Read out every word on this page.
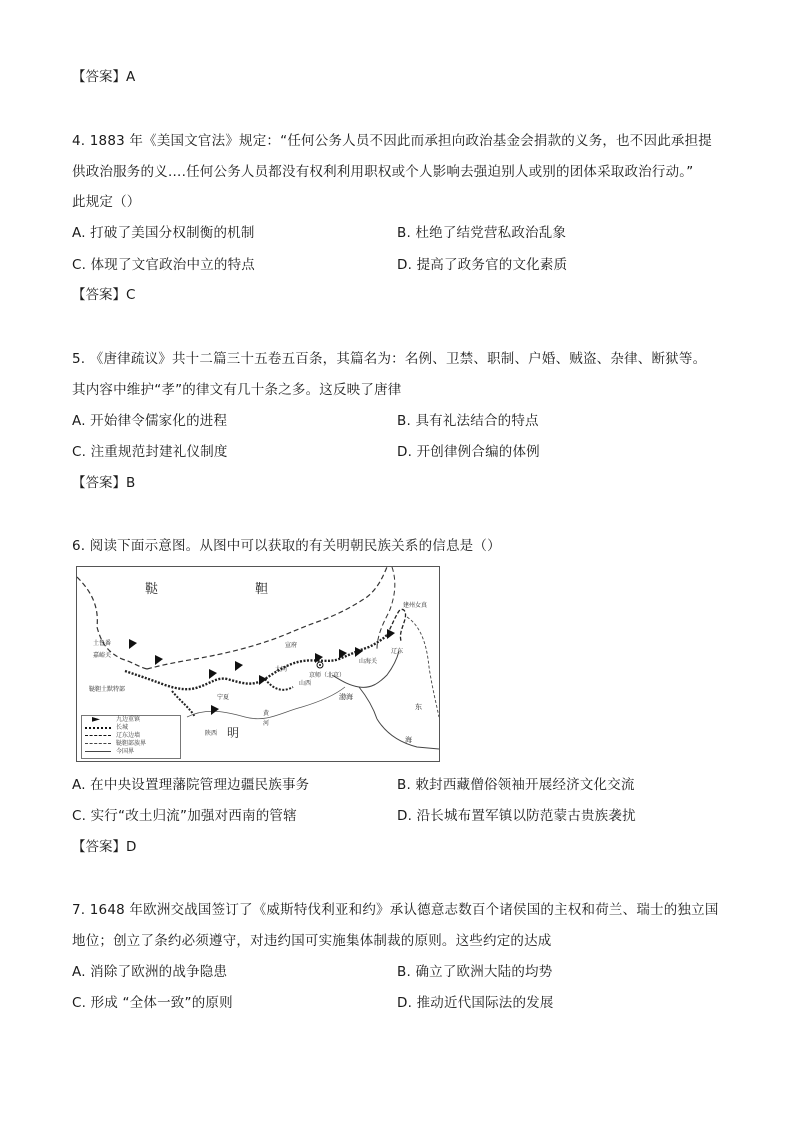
【答案】A
4. 1883 年《美国文官法》规定：“任何公务人员不因此而承担向政治基金会捐款的义务，也不因此承担提
供政治服务的义….任何公务人员都没有权利利用职权或个人影响去强迫别人或别的团体采取政治行动。”
此规定（）
A. 打破了美国分权制衡的机制	B. 杜绝了结党营私政治乱象
C. 体现了文官政治中立的特点	D. 提高了政务官的文化素质
【答案】C
5. 《唐律疏议》共十二篇三十五卷五百条，其篇名为：名例、卫禁、职制、户婚、贼盗、杂律、断狱等。
其内容中维护“孝”的律文有几十条之多。这反映了唐律
A. 开始律令儒家化的进程	B. 具有礼法结合的特点
C. 注重规范封建礼仪制度	D. 开创律例合编的体例
【答案】B
6. 阅读下面示意图。从图中可以获取的有关明朝民族关系的信息是（）
鞑	靼
土鲁番
嘉峪关
鞑靼土默特部
宁夏
山西
陕西
京师（北京）
渤海
辽东
建州女真
明
黄
河
东
海
大同
宣府
山海关
九边重镇
长城
辽东边墙
鞑靼部族界
今国界
A. 在中央设置理藩院管理边疆民族事务	B. 敕封西藏僧俗领袖开展经济文化交流
C. 实行“改土归流”加强对西南的管辖	D. 沿长城布置军镇以防范蒙古贵族袭扰
【答案】D
7. 1648 年欧洲交战国签订了《威斯特伐利亚和约》承认德意志数百个诸侯国的主权和荷兰、瑞士的独立国
地位；创立了条约必须遵守，对违约国可实施集体制裁的原则。这些约定的达成
A. 消除了欧洲的战争隐患	B. 确立了欧洲大陆的均势
C. 形成 “全体一致”的原则	D. 推动近代国际法的发展
